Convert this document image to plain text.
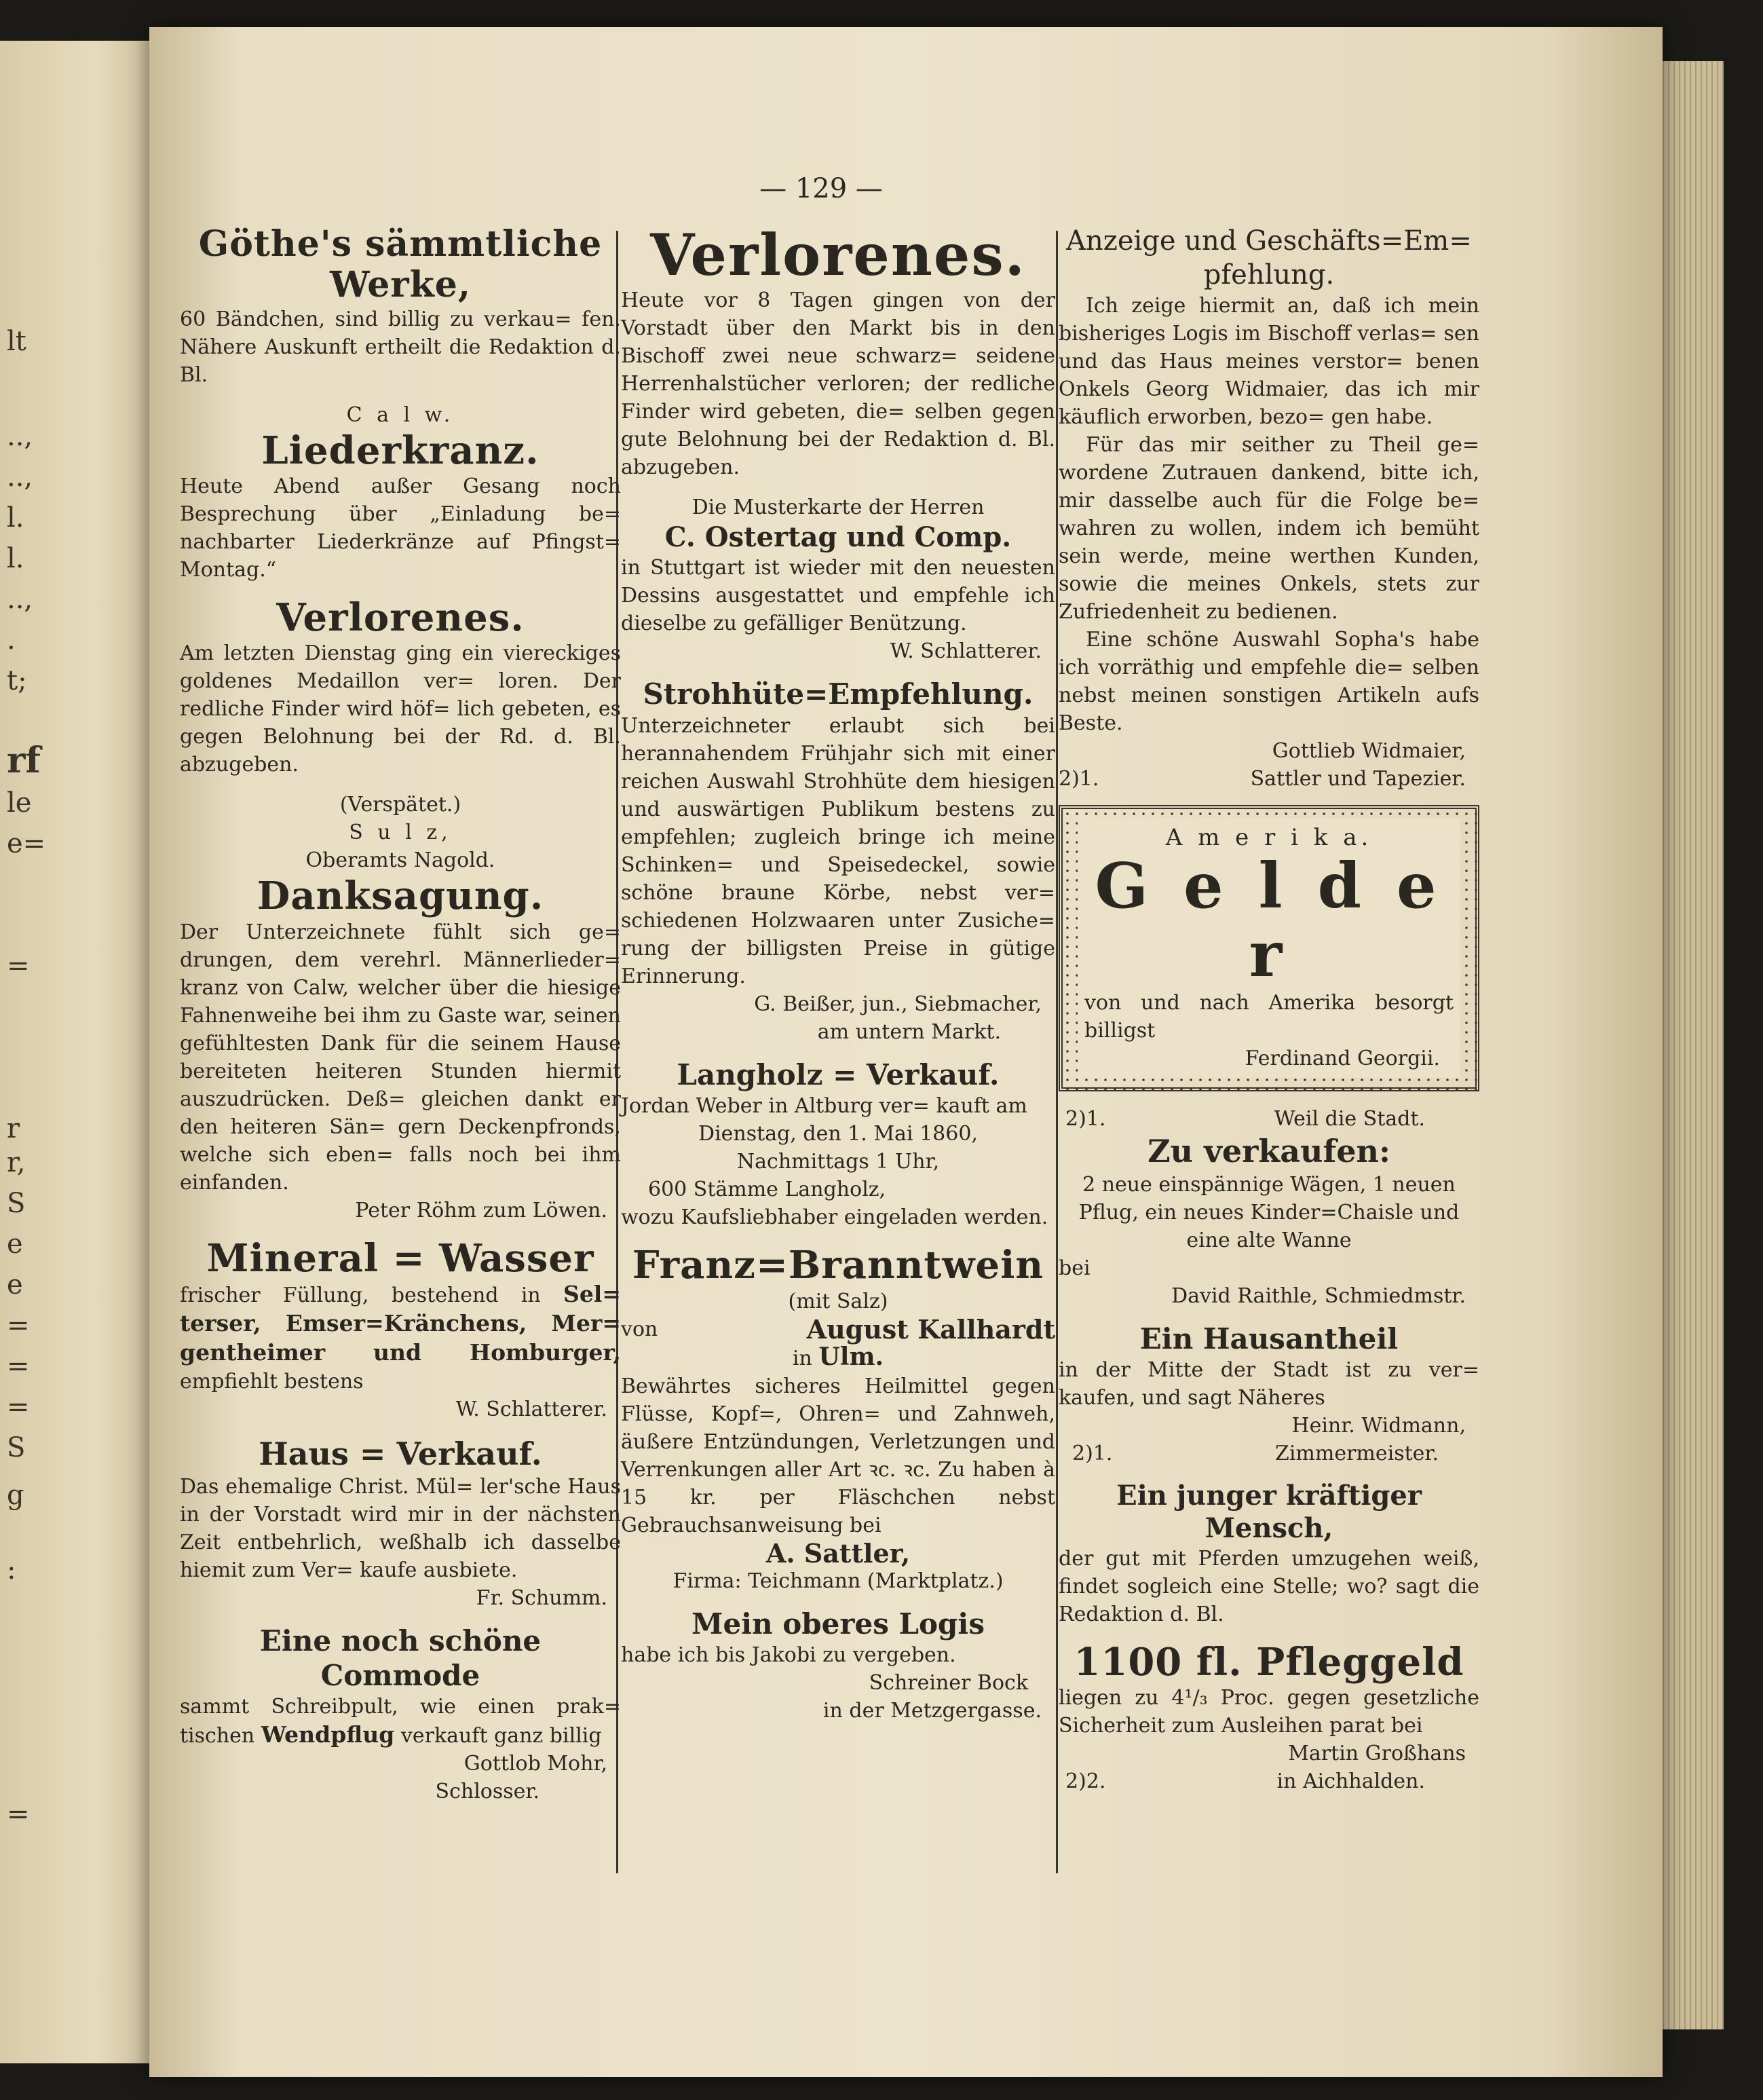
lt
..,
..,
l.
l.
..,
.
t;
rf
le
e=
=
r
r,
S
e
e
=
=
=
S
g
:
=
— 129 —
Göthe's sämmtliche Werke,
60 Bändchen, sind billig zu verkau= fen. Nähere Auskunft ertheilt die Redaktion d. Bl.
C a l w.
Liederkranz.
Heute Abend außer Gesang noch Besprechung über „Einladung be= nachbarter Liederkränze auf Pfingst= Montag.“
Verlorenes.
Am letzten Dienstag ging ein viereckiges goldenes Medaillon ver= loren. Der redliche Finder wird höf= lich gebeten, es gegen Belohnung bei der Rd. d. Bl. abzugeben.
(Verspätet.)
S u l z,
Oberamts Nagold.
Danksagung.
Der Unterzeichnete fühlt sich ge= drungen, dem verehrl. Männerlieder= kranz von Calw, welcher über die hiesige Fahnenweihe bei ihm zu Gaste war, seinen gefühltesten Dank für die seinem Hause bereiteten heiteren Stunden hiermit auszudrücken. Deß= gleichen dankt er den heiteren Sän= gern Deckenpfronds, welche sich eben= falls noch bei ihm einfanden.
Peter Röhm zum Löwen.
Mineral = Wasser
frischer Füllung, bestehend in Sel= terser, Emser=Kränchens, Mer= gentheimer und Homburger, empfiehlt bestens
W. Schlatterer.
Haus = Verkauf.
Das ehemalige Christ. Mül= ler'sche Haus in der Vorstadt wird mir in der nächsten Zeit entbehrlich, weßhalb ich dasselbe hiemit zum Ver= kaufe ausbiete.
Fr. Schumm.
Eine noch schöne Commode
sammt Schreibpult, wie einen prak= tischen Wendpflug verkauft ganz billig
Gottlob Mohr,
Schlosser.
Verlorenes.
Heute vor 8 Tagen gingen von der Vorstadt über den Markt bis in den Bischoff zwei neue schwarz= seidene Herrenhalstücher verloren; der redliche Finder wird gebeten, die= selben gegen gute Belohnung bei der Redaktion d. Bl. abzugeben.
Die Musterkarte der Herren
C. Ostertag und Comp.
in Stuttgart ist wieder mit den neuesten Dessins ausgestattet und empfehle ich dieselbe zu gefälliger Benützung.
W. Schlatterer.
Strohhüte=Empfehlung.
Unterzeichneter erlaubt sich bei herannahendem Frühjahr sich mit einer reichen Auswahl Strohhüte dem hiesigen und auswärtigen Publikum bestens zu empfehlen; zugleich bringe ich meine Schinken= und Speisedeckel, sowie schöne braune Körbe, nebst ver= schiedenen Holzwaaren unter Zusiche= rung der billigsten Preise in gütige Erinnerung.
G. Beißer, jun., Siebmacher,
am untern Markt.
Langholz = Verkauf.
Jordan Weber in Altburg ver= kauft am
Dienstag, den 1. Mai 1860,
Nachmittags 1 Uhr,
600 Stämme Langholz,
wozu Kaufsliebhaber eingeladen werden.
Franz=Branntwein
(mit Salz)
von	August Kallhardt
in Ulm.
Bewährtes sicheres Heilmittel gegen Flüsse, Kopf=, Ohren= und Zahnweh, äußere Entzündungen, Verletzungen und Verrenkungen aller Art ꝛc. ꝛc. Zu haben à 15 kr. per Fläschchen nebst Gebrauchsanweisung bei
A. Sattler,
Firma: Teichmann (Marktplatz.)
Mein oberes Logis
habe ich bis Jakobi zu vergeben.
Schreiner Bock
in der Metzgergasse.
Anzeige und Geschäfts=Em= pfehlung.
Ich zeige hiermit an, daß ich mein bisheriges Logis im Bischoff verlas= sen und das Haus meines verstor= benen Onkels Georg Widmaier, das ich mir käuflich erworben, bezo= gen habe.
Für das mir seither zu Theil ge= wordene Zutrauen dankend, bitte ich, mir dasselbe auch für die Folge be= wahren zu wollen, indem ich bemüht sein werde, meine werthen Kunden, sowie die meines Onkels, stets zur Zufriedenheit zu bedienen.
Eine schöne Auswahl Sopha's habe ich vorräthig und empfehle die= selben nebst meinen sonstigen Artikeln aufs Beste.
Gottlieb Widmaier,
2)1.	Sattler und Tapezier.
A m e r i k a.
G e l d e r
von und nach Amerika besorgt billigst
Ferdinand Georgii.
2)1.	Weil die Stadt.
Zu verkaufen:
2 neue einspännige Wägen, 1 neuen Pflug, ein neues Kinder=Chaisle und eine alte Wanne
bei
David Raithle, Schmiedmstr.
Ein Hausantheil
in der Mitte der Stadt ist zu ver= kaufen, und sagt Näheres
Heinr. Widmann,
2)1.	Zimmermeister.
Ein junger kräftiger Mensch,
der gut mit Pferden umzugehen weiß, findet sogleich eine Stelle; wo? sagt die Redaktion d. Bl.
1100 fl. Pfleggeld
liegen zu 4¹/₃ Proc. gegen gesetzliche Sicherheit zum Ausleihen parat bei
Martin Großhans
2)2.	in Aichhalden.
